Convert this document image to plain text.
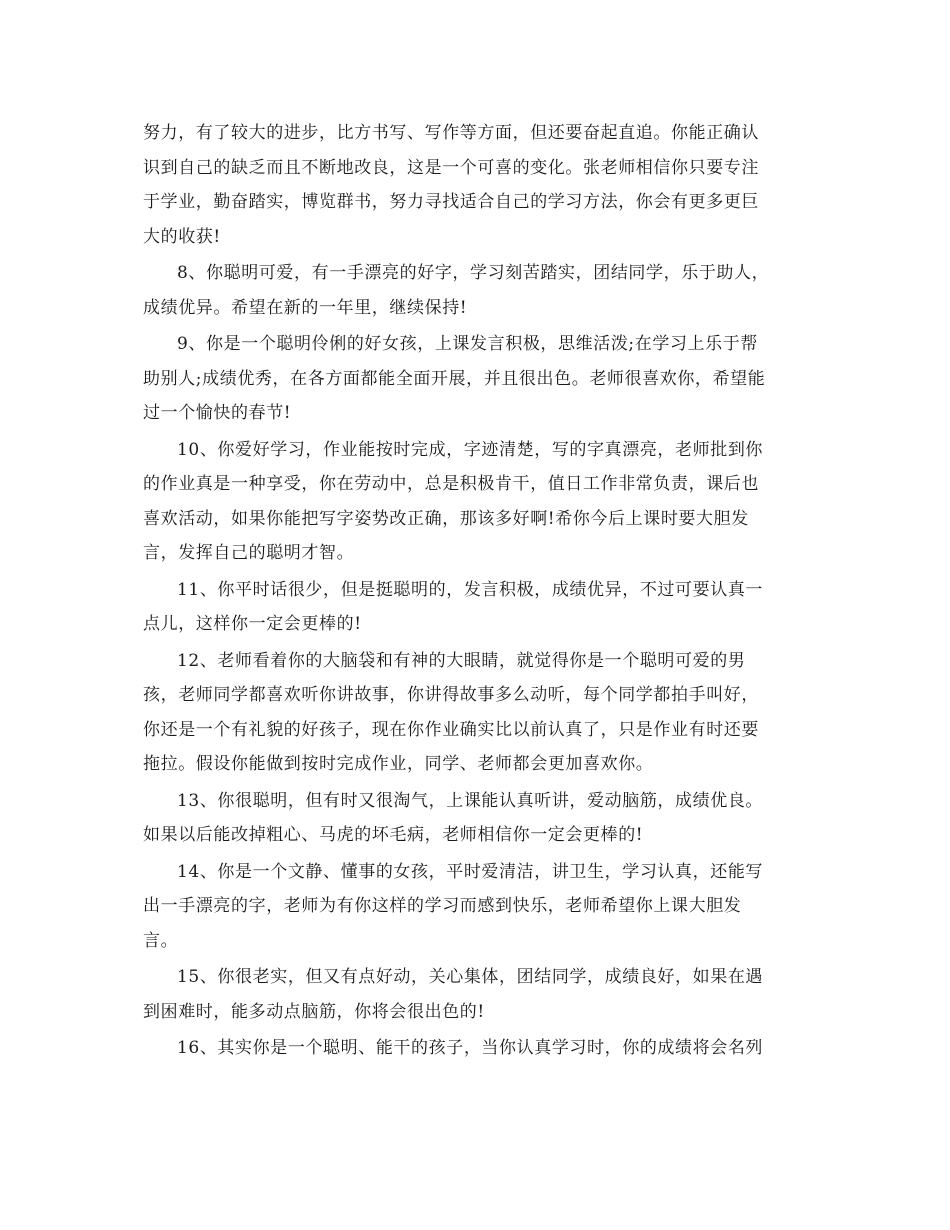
努力，有了较大的进步，比方书写、写作等方面，但还要奋起直追。你能正确认
识到自己的缺乏而且不断地改良，这是一个可喜的变化。张老师相信你只要专注
于学业，勤奋踏实，博览群书，努力寻找适合自己的学习方法，你会有更多更巨
大的收获!

8、你聪明可爱，有一手漂亮的好字，学习刻苦踏实，团结同学，乐于助人，
成绩优异。希望在新的一年里，继续保持!

9、你是一个聪明伶俐的好女孩，上课发言积极，思维活泼;在学习上乐于帮
助别人;成绩优秀，在各方面都能全面开展，并且很出色。老师很喜欢你，希望能
过一个愉快的春节!

10、你爱好学习，作业能按时完成，字迹清楚，写的字真漂亮，老师批到你
的作业真是一种享受，你在劳动中，总是积极肯干，值日工作非常负责，课后也
喜欢活动，如果你能把写字姿势改正确，那该多好啊!希你今后上课时要大胆发
言，发挥自己的聪明才智。

11、你平时话很少，但是挺聪明的，发言积极，成绩优异，不过可要认真一
点儿，这样你一定会更棒的!

12、老师看着你的大脑袋和有神的大眼睛，就觉得你是一个聪明可爱的男
孩，老师同学都喜欢听你讲故事，你讲得故事多么动听，每个同学都拍手叫好，
你还是一个有礼貌的好孩子，现在你作业确实比以前认真了，只是作业有时还要
拖拉。假设你能做到按时完成作业，同学、老师都会更加喜欢你。

13、你很聪明，但有时又很淘气，上课能认真听讲，爱动脑筋，成绩优良。
如果以后能改掉粗心、马虎的坏毛病，老师相信你一定会更棒的!

14、你是一个文静、懂事的女孩，平时爱清洁，讲卫生，学习认真，还能写
出一手漂亮的字，老师为有你这样的学习而感到快乐，老师希望你上课大胆发
言。

15、你很老实，但又有点好动，关心集体，团结同学，成绩良好，如果在遇
到困难时，能多动点脑筋，你将会很出色的!

16、其实你是一个聪明、能干的孩子，当你认真学习时，你的成绩将会名列
